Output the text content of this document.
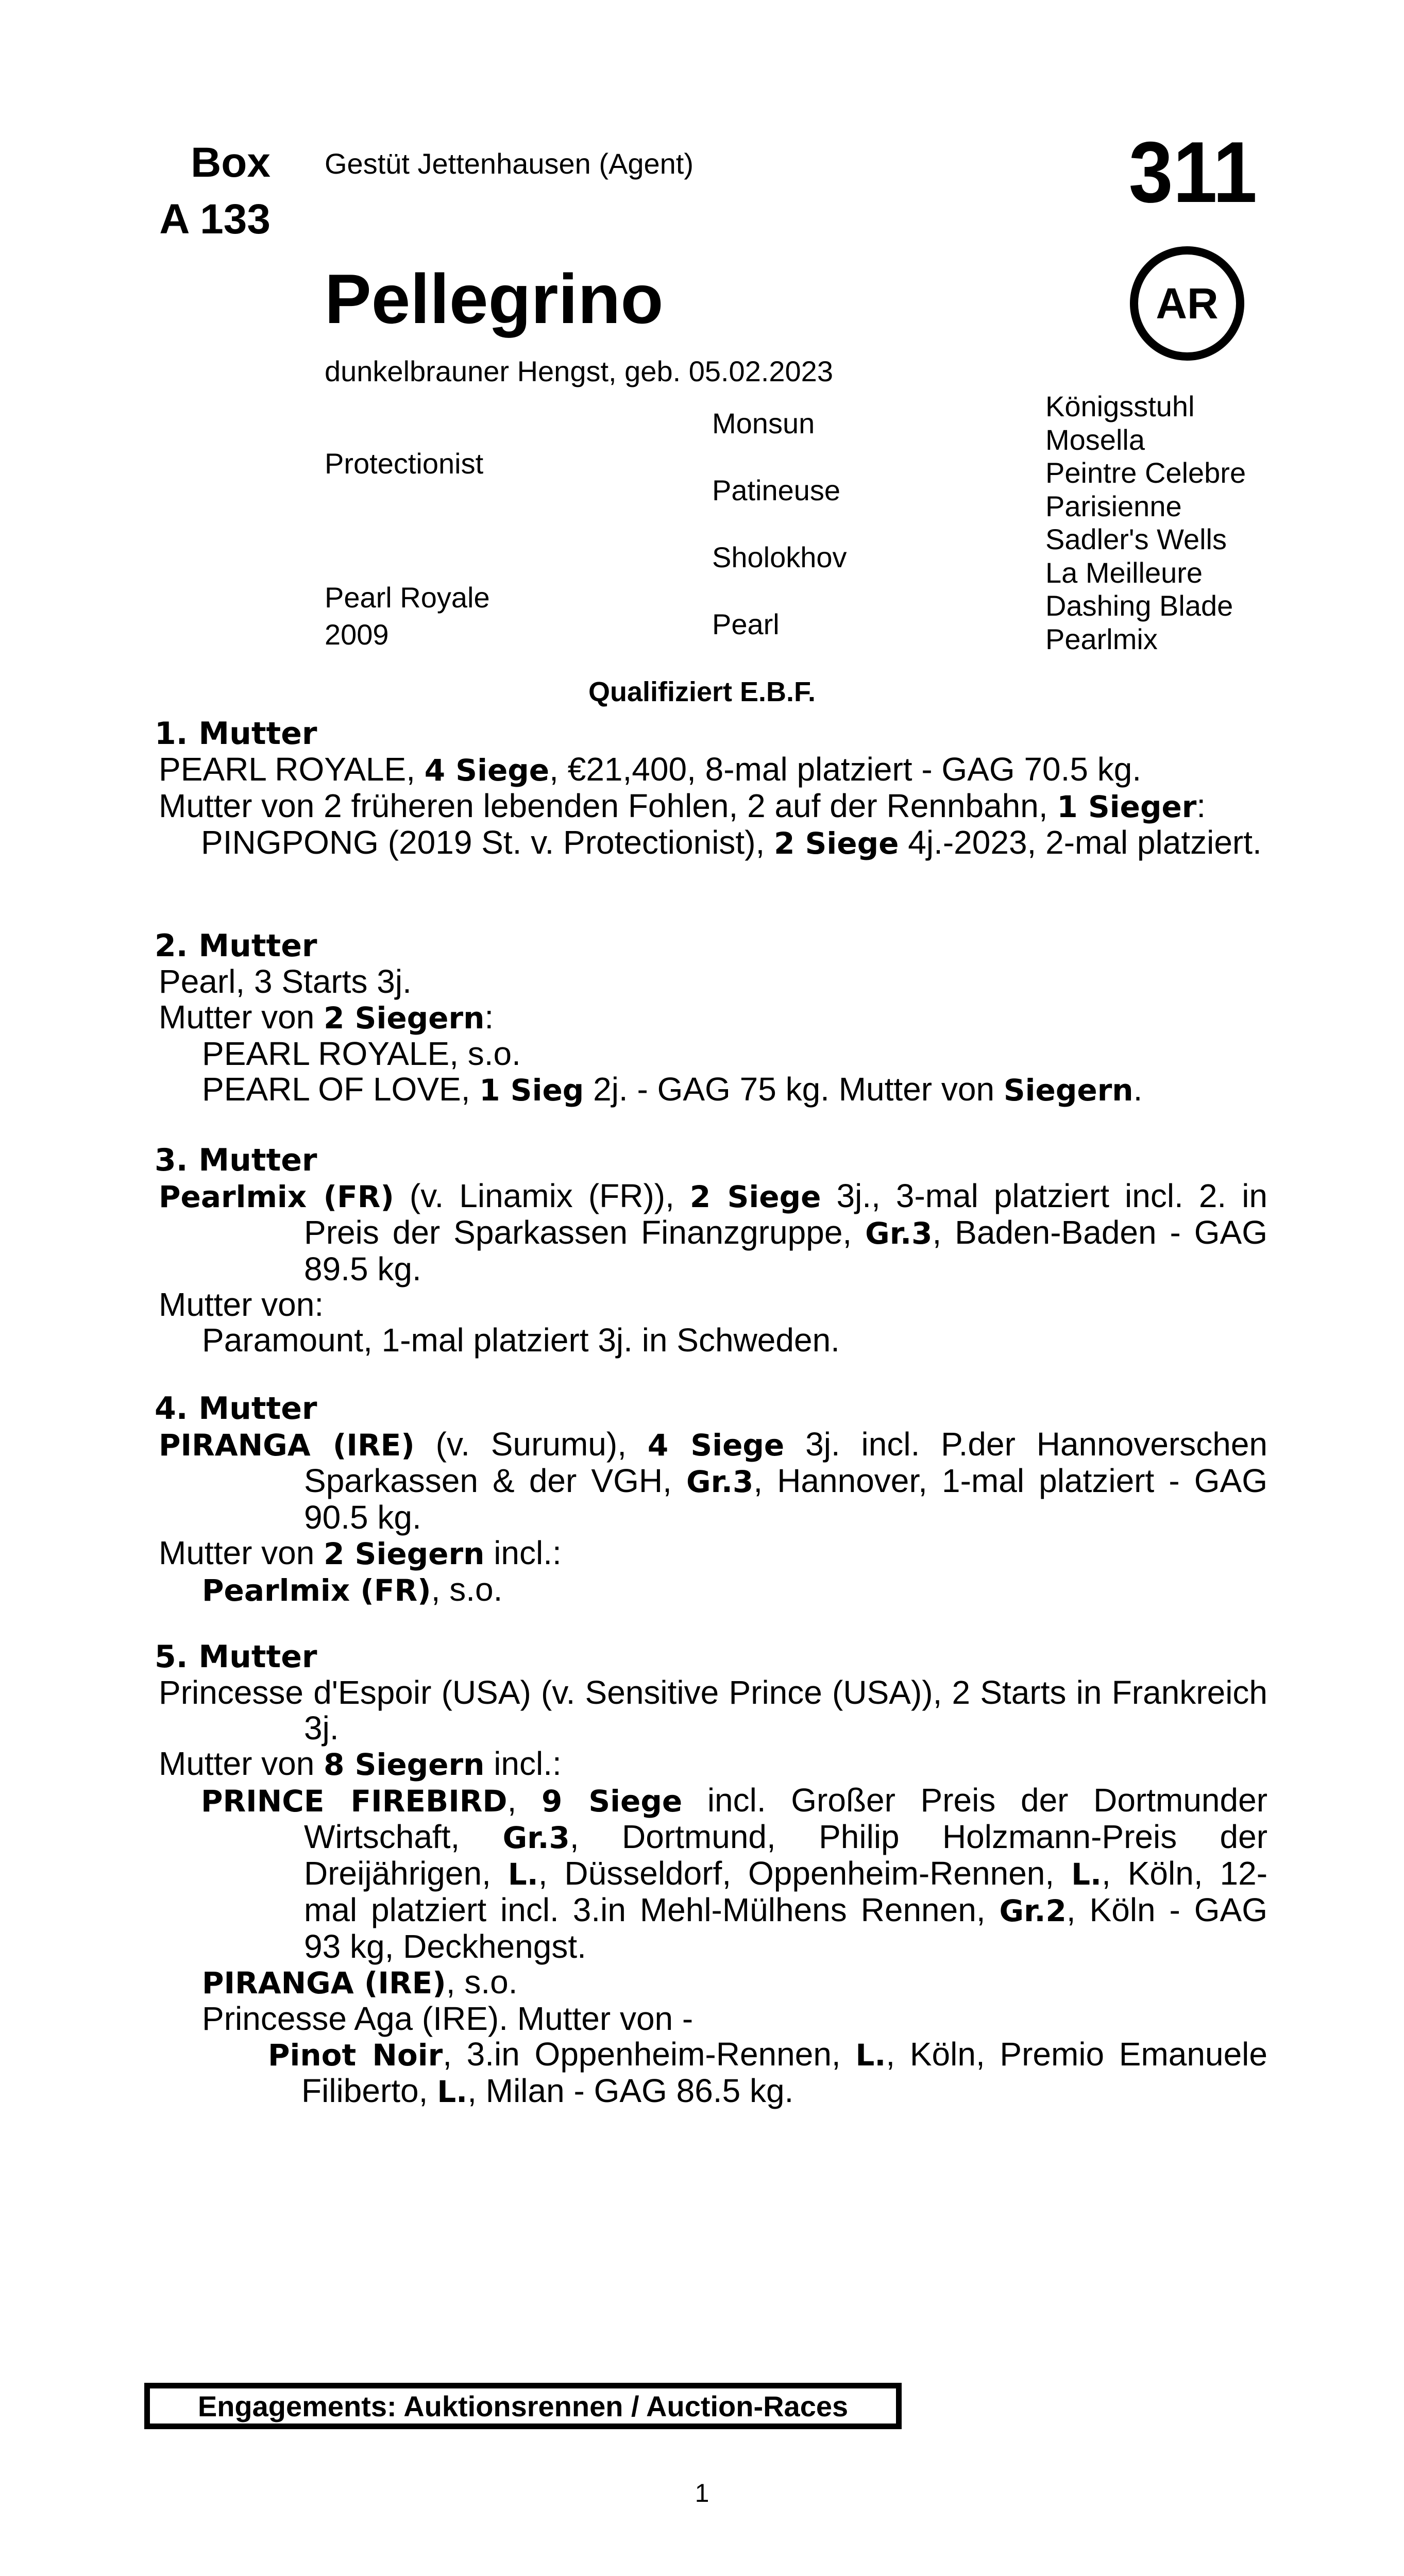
Box
A 133
Gestüt Jettenhausen (Agent)	311
AR
Pellegrino
dunkelbrauner Hengst, geb. 05.02.2023
Protectionist
Pearl Royale
2009
Monsun
Patineuse
Sholokhov
Pearl
Königsstuhl
Mosella
Peintre Celebre
Parisienne
Sadler's Wells
La Meilleure
Dashing Blade
Pearlmix
Qualifiziert E.B.F.
1. Mutter
PEARL ROYALE, 4 Siege, €21,400, 8-mal platziert - GAG 70.5 kg.
Mutter von 2 früheren lebenden Fohlen, 2 auf der Rennbahn, 1 Sieger:
PINGPONG (2019 St. v. Protectionist), 2 Siege 4j.-2023, 2-mal platziert.
2. Mutter
Pearl, 3 Starts 3j.
Mutter von 2 Siegern:
PEARL ROYALE, s.o.
PEARL OF LOVE, 1 Sieg 2j. - GAG 75 kg. Mutter von Siegern.
3. Mutter
Pearlmix (FR) (v. Linamix (FR)), 2 Siege 3j., 3-mal platziert incl. 2. in Preis der Sparkassen Finanzgruppe, Gr.3, Baden-Baden - GAG 89.5 kg.
Mutter von:
Paramount, 1-mal platziert 3j. in Schweden.
4. Mutter
PIRANGA (IRE) (v. Surumu), 4 Siege 3j. incl. P.der Hannoverschen Sparkassen & der VGH, Gr.3, Hannover, 1-mal platziert - GAG 90.5 kg.
Mutter von 2 Siegern incl.:
Pearlmix (FR), s.o.
5. Mutter
Princesse d'Espoir (USA) (v. Sensitive Prince (USA)), 2 Starts in Frankreich 3j.
Mutter von 8 Siegern incl.:
PRINCE FIREBIRD, 9 Siege incl. Großer Preis der Dortmunder Wirtschaft, Gr.3, Dortmund, Philip Holzmann-Preis der Dreijährigen, L., Düsseldorf, Oppenheim-Rennen, L., Köln, 12-mal platziert incl. 3.in Mehl-Mülhens Rennen, Gr.2, Köln - GAG 93 kg, Deckhengst.
PIRANGA (IRE), s.o.
Princesse Aga (IRE). Mutter von -
Pinot Noir, 3.in Oppenheim-Rennen, L., Köln, Premio Emanuele Filiberto, L., Milan - GAG 86.5 kg.
Engagements: Auktionsrennen / Auction-Races
1
